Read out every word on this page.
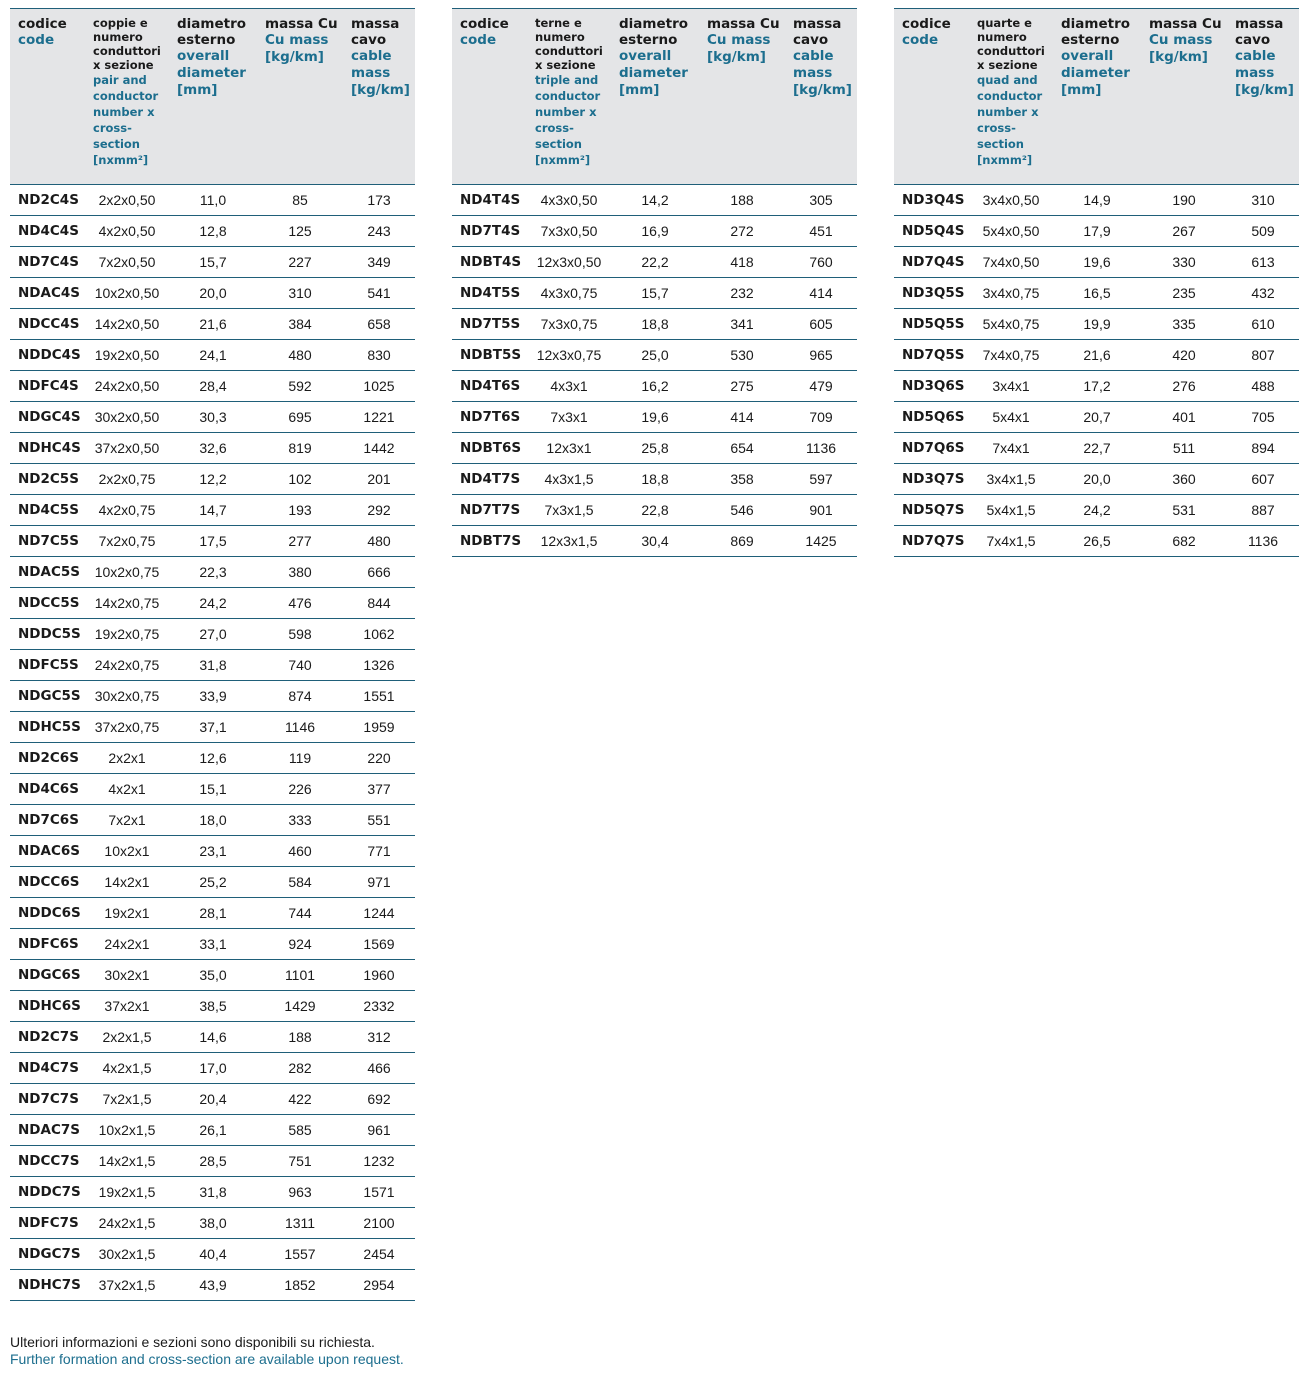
codice
code	coppie e numero conduttori x sezione
pair and conductor number x cross-section [nxmm²]	diametro esterno
overall diameter [mm]	massa Cu
Cu mass [kg/km]	massa cavo
cable mass [kg/km]

ND2C4S	2x2x0,50	11,0	85	173
ND4C4S	4x2x0,50	12,8	125	243
ND7C4S	7x2x0,50	15,7	227	349
NDAC4S	10x2x0,50	20,0	310	541
NDCC4S	14x2x0,50	21,6	384	658
NDDC4S	19x2x0,50	24,1	480	830
NDFC4S	24x2x0,50	28,4	592	1025
NDGC4S	30x2x0,50	30,3	695	1221
NDHC4S	37x2x0,50	32,6	819	1442
ND2C5S	2x2x0,75	12,2	102	201
ND4C5S	4x2x0,75	14,7	193	292
ND7C5S	7x2x0,75	17,5	277	480
NDAC5S	10x2x0,75	22,3	380	666
NDCC5S	14x2x0,75	24,2	476	844
NDDC5S	19x2x0,75	27,0	598	1062
NDFC5S	24x2x0,75	31,8	740	1326
NDGC5S	30x2x0,75	33,9	874	1551
NDHC5S	37x2x0,75	37,1	1146	1959
ND2C6S	2x2x1	12,6	119	220
ND4C6S	4x2x1	15,1	226	377
ND7C6S	7x2x1	18,0	333	551
NDAC6S	10x2x1	23,1	460	771
NDCC6S	14x2x1	25,2	584	971
NDDC6S	19x2x1	28,1	744	1244
NDFC6S	24x2x1	33,1	924	1569
NDGC6S	30x2x1	35,0	1101	1960
NDHC6S	37x2x1	38,5	1429	2332
ND2C7S	2x2x1,5	14,6	188	312
ND4C7S	4x2x1,5	17,0	282	466
ND7C7S	7x2x1,5	20,4	422	692
NDAC7S	10x2x1,5	26,1	585	961
NDCC7S	14x2x1,5	28,5	751	1232
NDDC7S	19x2x1,5	31,8	963	1571
NDFC7S	24x2x1,5	38,0	1311	2100
NDGC7S	30x2x1,5	40,4	1557	2454
NDHC7S	37x2x1,5	43,9	1852	2954
codice
code	terne e numero conduttori x sezione
triple and conductor number x cross-section [nxmm²]	diametro esterno
overall diameter [mm]	massa Cu
Cu mass [kg/km]	massa cavo
cable mass [kg/km]

ND4T4S	4x3x0,50	14,2	188	305
ND7T4S	7x3x0,50	16,9	272	451
NDBT4S	12x3x0,50	22,2	418	760
ND4T5S	4x3x0,75	15,7	232	414
ND7T5S	7x3x0,75	18,8	341	605
NDBT5S	12x3x0,75	25,0	530	965
ND4T6S	4x3x1	16,2	275	479
ND7T6S	7x3x1	19,6	414	709
NDBT6S	12x3x1	25,8	654	1136
ND4T7S	4x3x1,5	18,8	358	597
ND7T7S	7x3x1,5	22,8	546	901
NDBT7S	12x3x1,5	30,4	869	1425
codice
code	quarte e numero conduttori x sezione
quad and conductor number x cross-section [nxmm²]	diametro esterno
overall diameter [mm]	massa Cu
Cu mass [kg/km]	massa cavo
cable mass [kg/km]

ND3Q4S	3x4x0,50	14,9	190	310
ND5Q4S	5x4x0,50	17,9	267	509
ND7Q4S	7x4x0,50	19,6	330	613
ND3Q5S	3x4x0,75	16,5	235	432
ND5Q5S	5x4x0,75	19,9	335	610
ND7Q5S	7x4x0,75	21,6	420	807
ND3Q6S	3x4x1	17,2	276	488
ND5Q6S	5x4x1	20,7	401	705
ND7Q6S	7x4x1	22,7	511	894
ND3Q7S	3x4x1,5	20,0	360	607
ND5Q7S	5x4x1,5	24,2	531	887
ND7Q7S	7x4x1,5	26,5	682	1136
Ulteriori informazioni e sezioni sono disponibili su richiesta.
Further formation and cross-section are available upon request.
